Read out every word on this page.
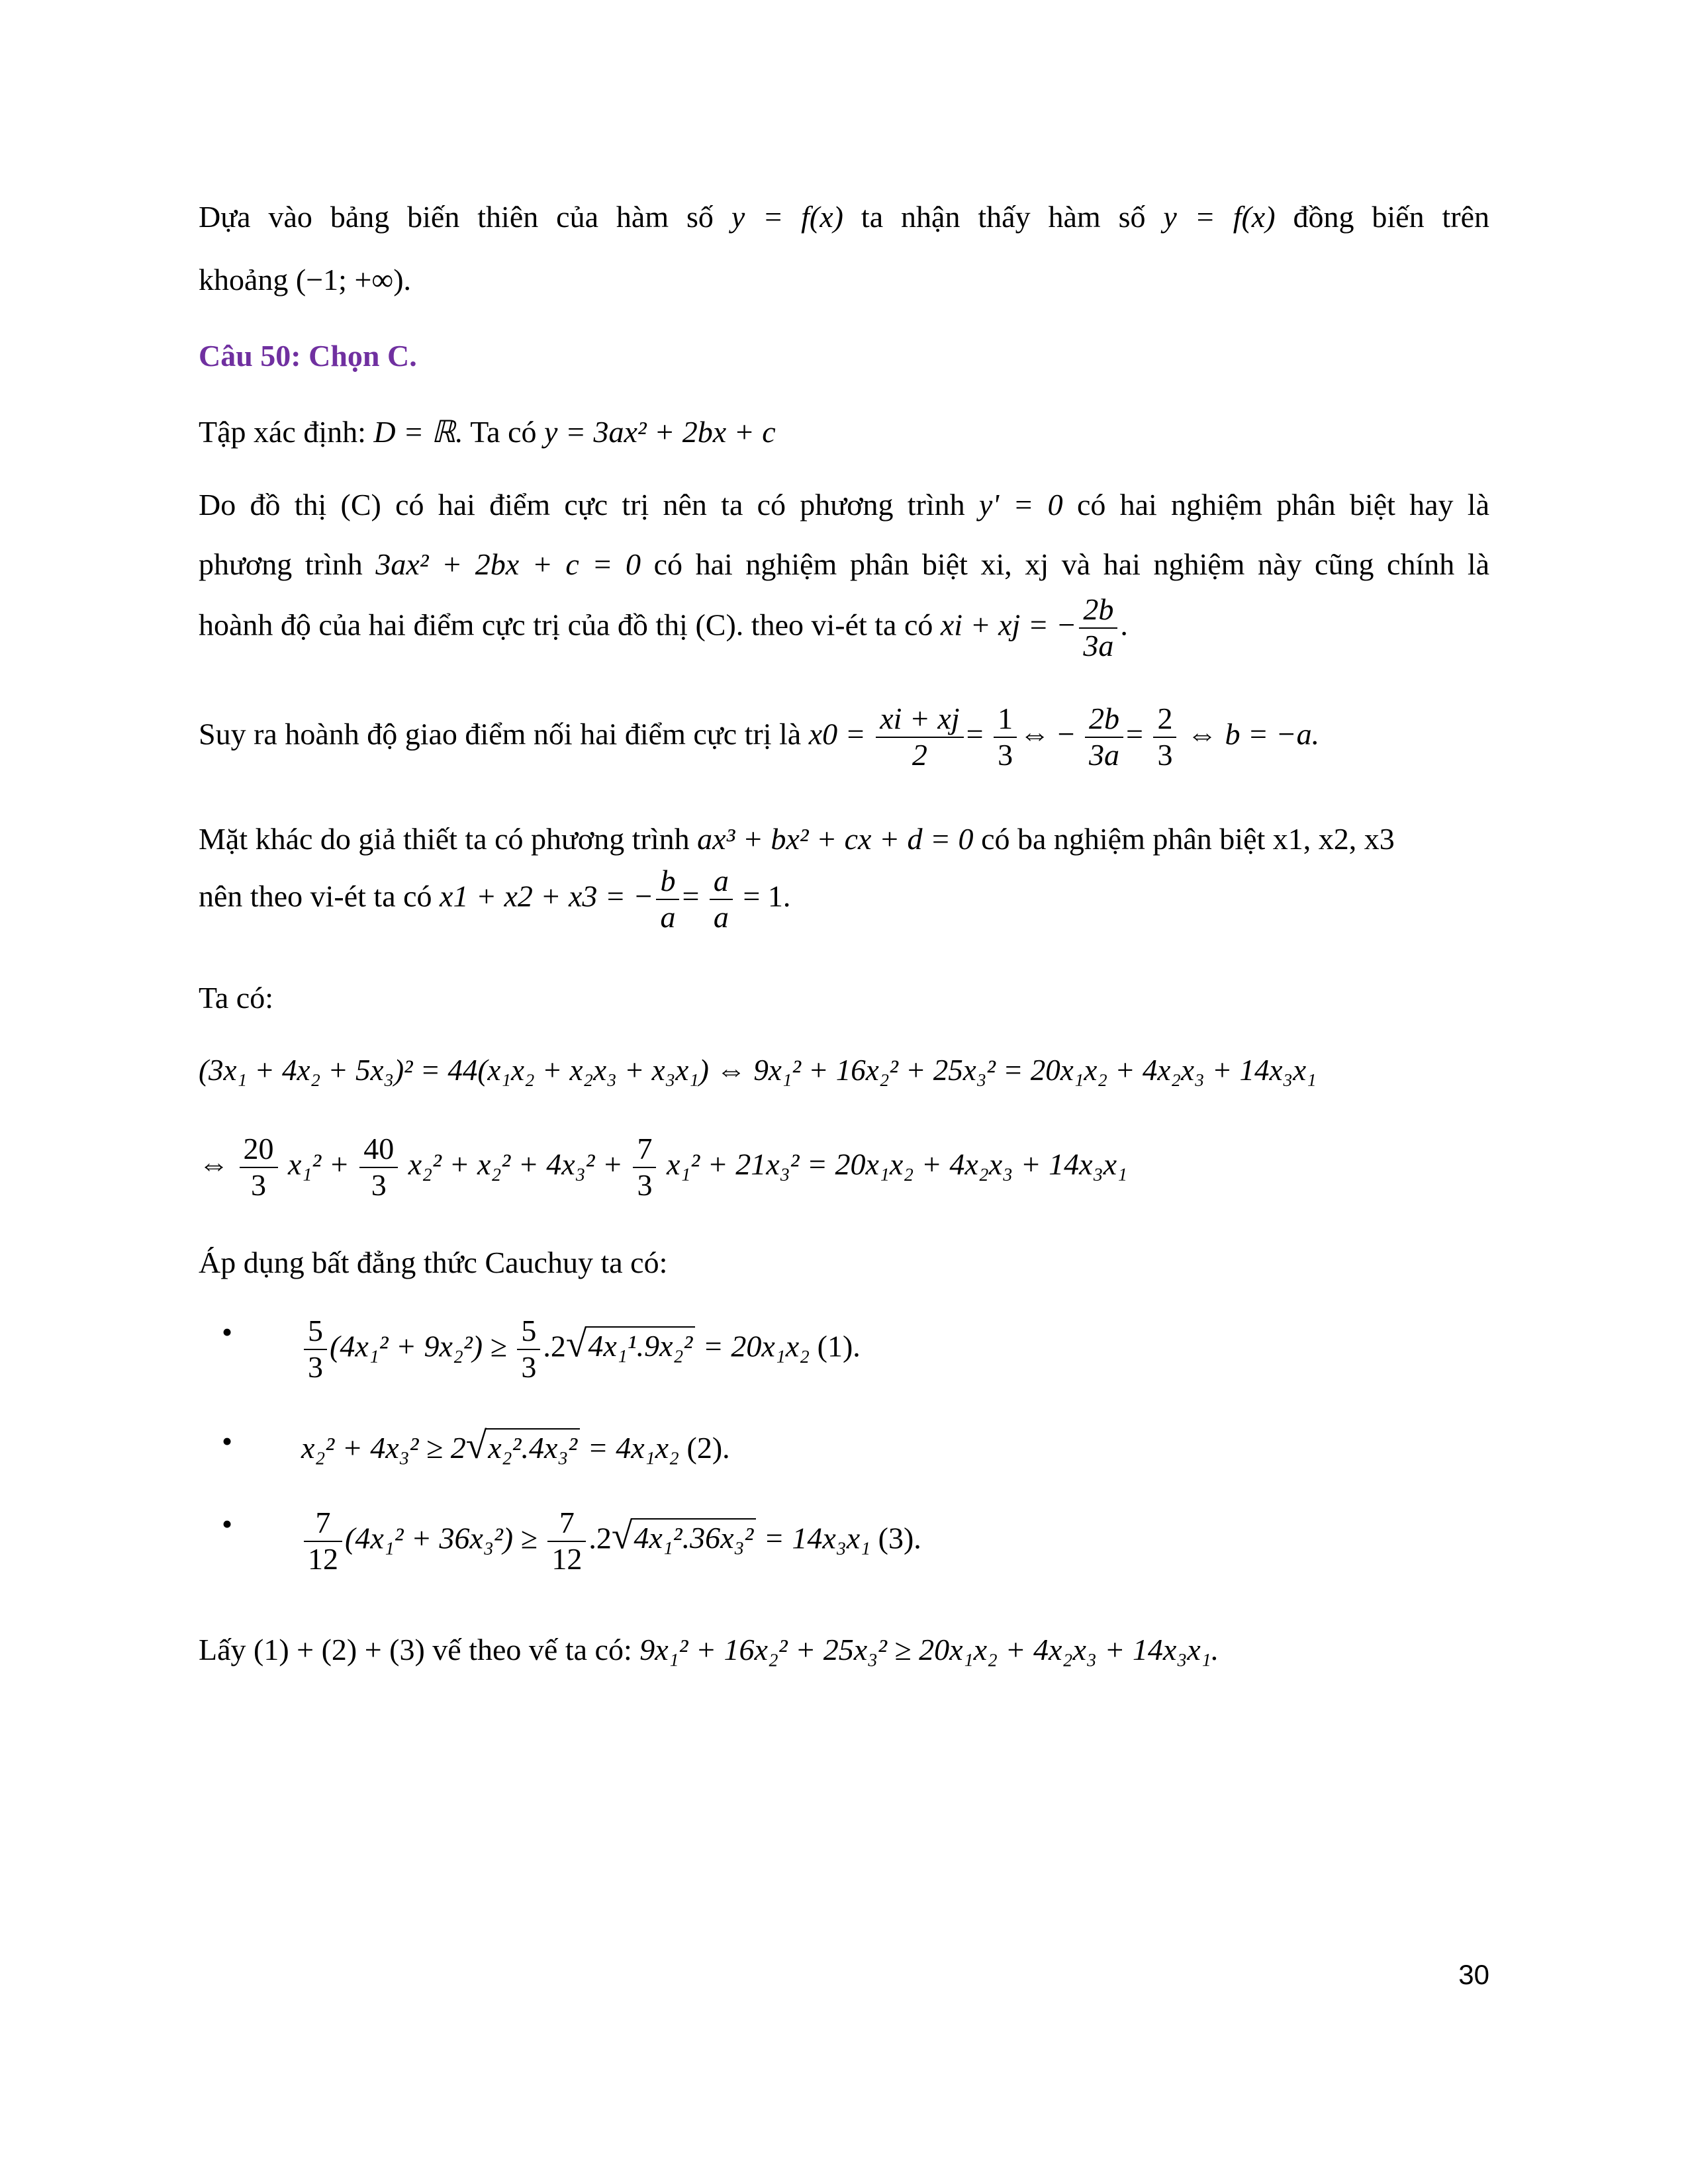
Dựa vào bảng biến thiên của hàm số y = f(x) ta nhận thấy hàm số y = f(x) đồng biến trên
khoảng (−1; +∞).
Câu 50: Chọn C.
Tập xác định: D = ℝ. Ta có y = 3ax² + 2bx + c
Do đồ thị (C) có hai điểm cực trị nên ta có phương trình y' = 0 có hai nghiệm phân biệt hay là
phương trình 3ax² + 2bx + c = 0 có hai nghiệm phân biệt xi, xj và hai nghiệm này cũng chính là
hoành độ của hai điểm cực trị của đồ thị (C). theo vi-ét ta có xi + xj = − $\frac{2b}{3a}$ .
Suy ra hoành độ giao điểm nối hai điểm cực trị là $x0 = \frac{xi + xj}{2} = \frac{1}{3}$ ⇔ − $\frac{2b}{3a} = \frac{2}{3}$ ⇔ b = −a.
Mặt khác do giả thiết ta có phương trình ax³ + bx² + cx + d = 0 có ba nghiệm phân biệt x1, x2, x3
nên theo vi-ét ta có x1 + x2 + x3 = − $\frac{b}{a} = \frac{a}{a} = 1$.
Ta có:
(3x₁ + 4x₂ + 5x₃)² = 44(x₁x₂ + x₂x₃ + x₃x₁) ⇔ 9x₁² + 16x₂² + 25x₃² = 20x₁x₂ + 4x₂x₃ + 14x₃x₁
⇔ $\frac{20}{3} x_1^2 + \frac{40}{3} x_2^2 + x_2^2 + 4x_3^2 + \frac{7}{3} x_1^2 + 21x_3^2 = 20x_1x_2 + 4x_2x_3 + 14x_3x_1$
Áp dụng bất đẳng thức Cauchuy ta có:
• $\frac{5}{3} (4x_1^2 + 9x_2^2) \ge \frac{5}{3} .2√4x_1^1.9x_2^2 = 20x_1x_2$ (1).
• x₂² + 4x₃² ≥ 2√x₂².4x₃² = 4x₁x₂ (2).
• $\frac{7}{12} (4x_1^2 + 36x_3^2) \ge \frac{7}{12} .2√4x_1^2.36x_3^2 = 14x_3x_1$ (3).
Lấy (1) + (2) + (3) vế theo vế ta có: 9x₁² + 16x₂² + 25x₃² ≥ 20x₁x₂ + 4x₂x₃ + 14x₃x₁.
30
